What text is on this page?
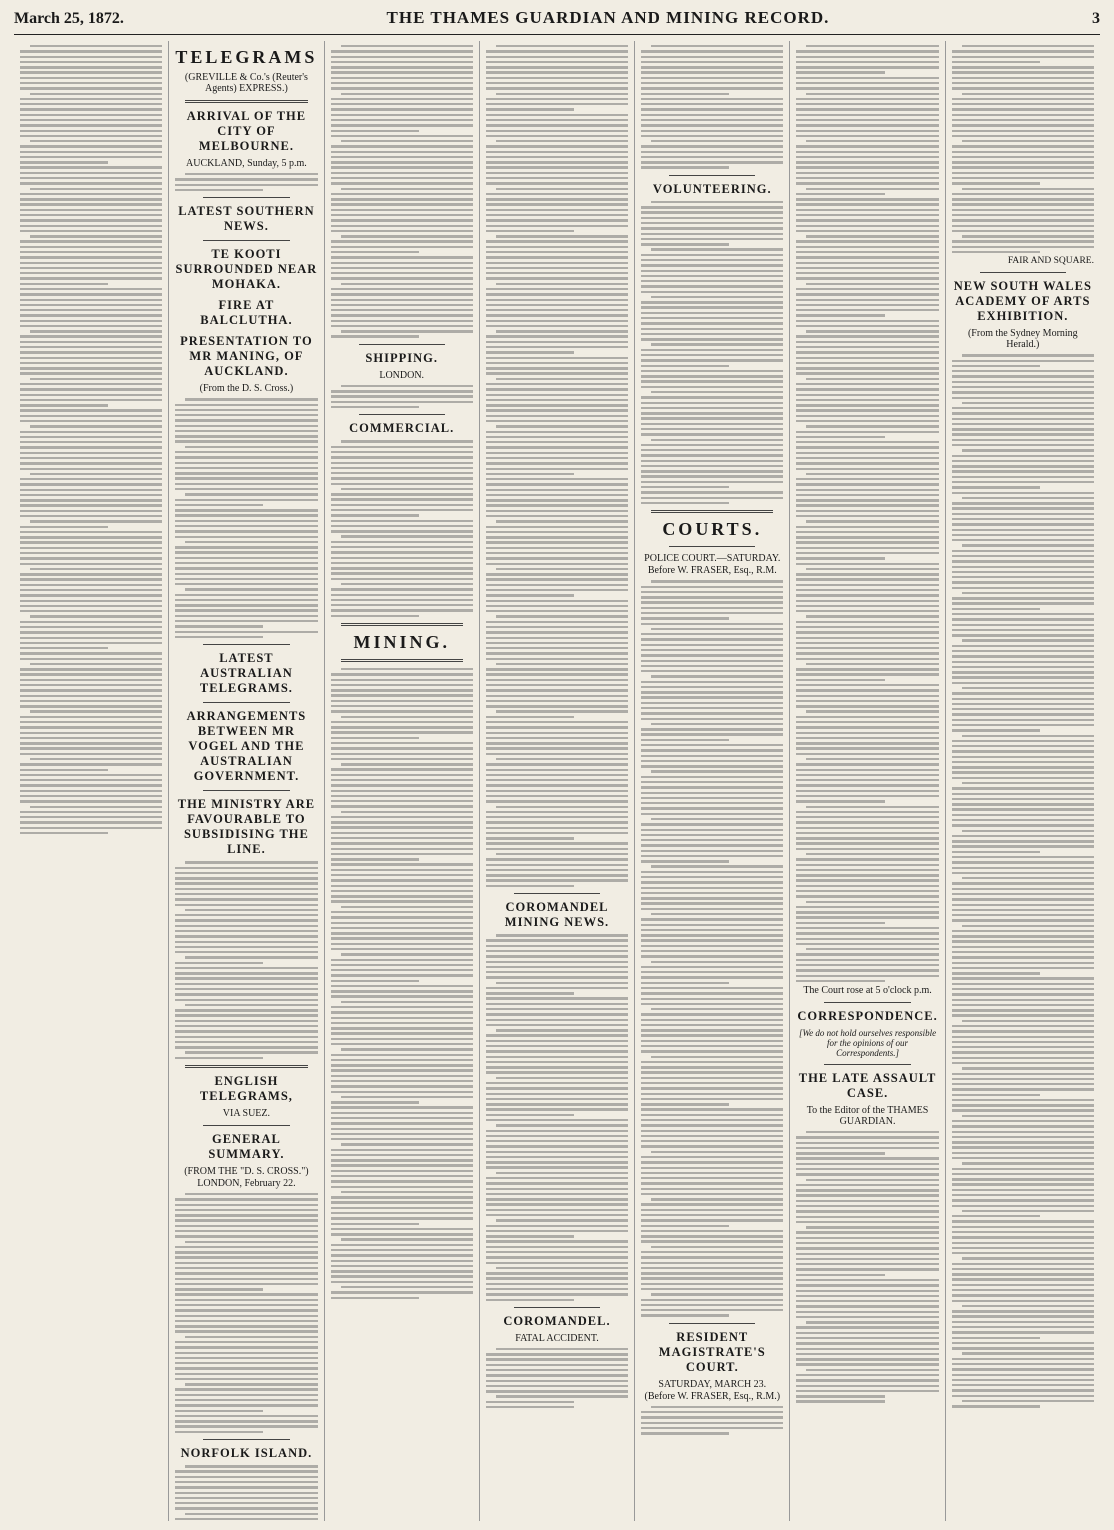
March 25, 1872.	THE THAMES GUARDIAN AND MINING RECORD.	3
TELEGRAMS
(GREVILLE & Co.'s (Reuter's Agents) EXPRESS.)
ARRIVAL OF THE CITY OF MELBOURNE.
AUCKLAND, Sunday, 5 p.m.
LATEST SOUTHERN NEWS.
TE KOOTI SURROUNDED NEAR MOHAKA.
FIRE AT BALCLUTHA.
PRESENTATION TO MR MANING, OF AUCKLAND.
(From the D. S. Cross.)
LATEST AUSTRALIAN TELEGRAMS.
ARRANGEMENTS BETWEEN MR VOGEL AND THE AUSTRALIAN GOVERNMENT.
THE MINISTRY ARE FAVOURABLE TO SUBSIDISING THE LINE.
ENGLISH TELEGRAMS,
VIA SUEZ.
GENERAL SUMMARY.
(FROM THE "D. S. CROSS.")
LONDON, February 22.
NORFOLK ISLAND.
SHIPPING.
LONDON.
COMMERCIAL.
MINING.
COROMANDEL MINING NEWS.
COROMANDEL.
FATAL ACCIDENT.
VOLUNTEERING.
COURTS.
POLICE COURT.—SATURDAY.
Before W. FRASER, Esq., R.M.
RESIDENT MAGISTRATE'S COURT.
SATURDAY, MARCH 23.
(Before W. FRASER, Esq., R.M.)
The Court rose at 5 o'clock p.m.
CORRESPONDENCE.
[We do not hold ourselves responsible for the opinions of our Correspondents.]
THE LATE ASSAULT CASE.
To the Editor of the THAMES GUARDIAN.
FAIR AND SQUARE.
NEW SOUTH WALES ACADEMY OF ARTS EXHIBITION.
(From the Sydney Morning Herald.)
